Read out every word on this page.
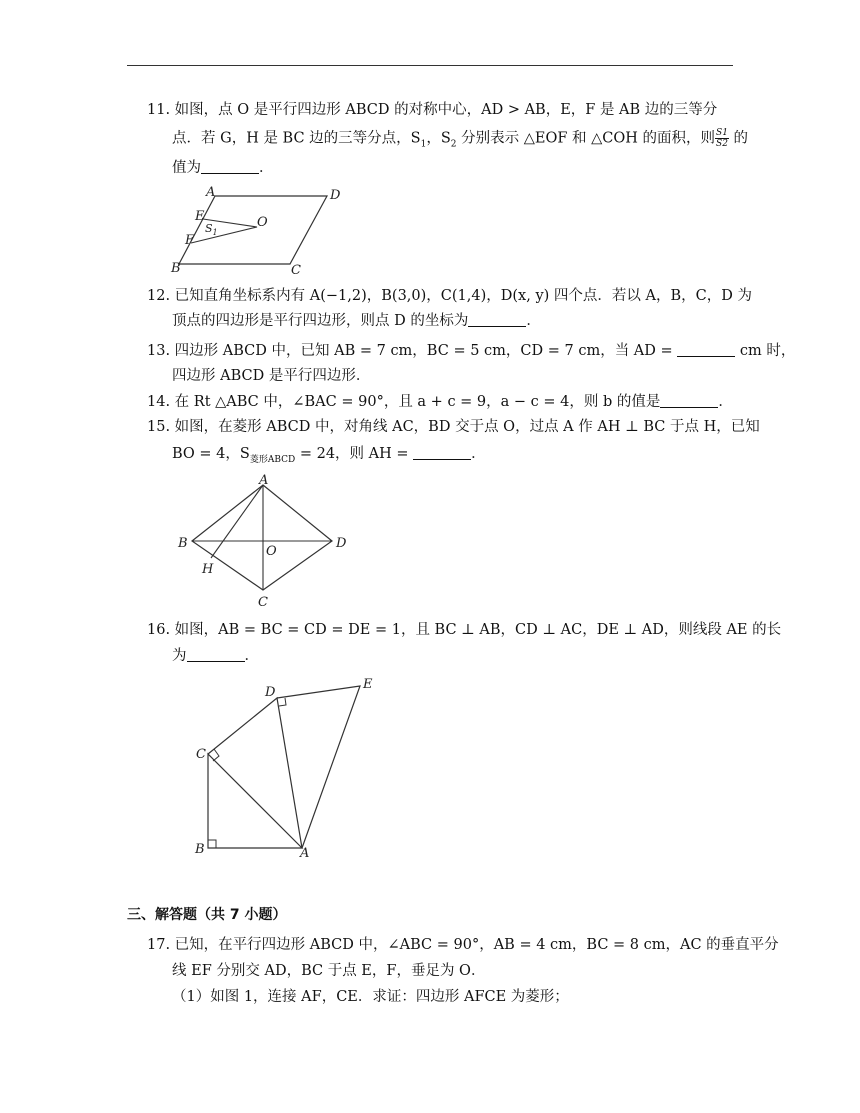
11. 如图，点 O 是平行四边形 ABCD 的对称中心，AD > AB，E，F 是 AB 边的三等分
点．若 G，H 是 BC 边的三等分点，$S_1$，$S_2$ 分别表示 △EOF 和 △COH 的面积，则 $\frac{S1}{S2}$ 的
值为	．
A	D
E	O
$S_1$
F
B	C
12. 已知直角坐标系内有 A(−1,2)，B(3,0)，C(1,4)，D(x, y) 四个点．若以 A，B，C，D 为
顶点的四边形是平行四边形，则点 D 的坐标为	．
13. 四边形 ABCD 中，已知 AB = 7 cm，BC = 5 cm，CD = 7 cm，当 AD =	cm 时，
四边形 ABCD 是平行四边形．
14. 在 Rt △ABC 中，∠BAC = 90°，且 a + c = 9，a − c = 4，则 b 的值是	．
15. 如图，在菱形 ABCD 中，对角线 AC，BD 交于点 O，过点 A 作 AH ⊥ BC 于点 H，已知
BO = 4，$S_{菱形ABCD} = 24$，则 AH =	．
A
B
O
D
H
C
16. 如图，AB = BC = CD = DE = 1，且 BC ⊥ AB，CD ⊥ AC，DE ⊥ AD，则线段 AE 的长
为	．
B	A
C
D
E
三、解答题（共 7 小题）
17. 已知，在平行四边形 ABCD 中，∠ABC = 90°，AB = 4 cm，BC = 8 cm，AC 的垂直平分
线 EF 分别交 AD，BC 于点 E，F，垂足为 O．
（1）如图 1，连接 AF，CE．求证：四边形 AFCE 为菱形；
